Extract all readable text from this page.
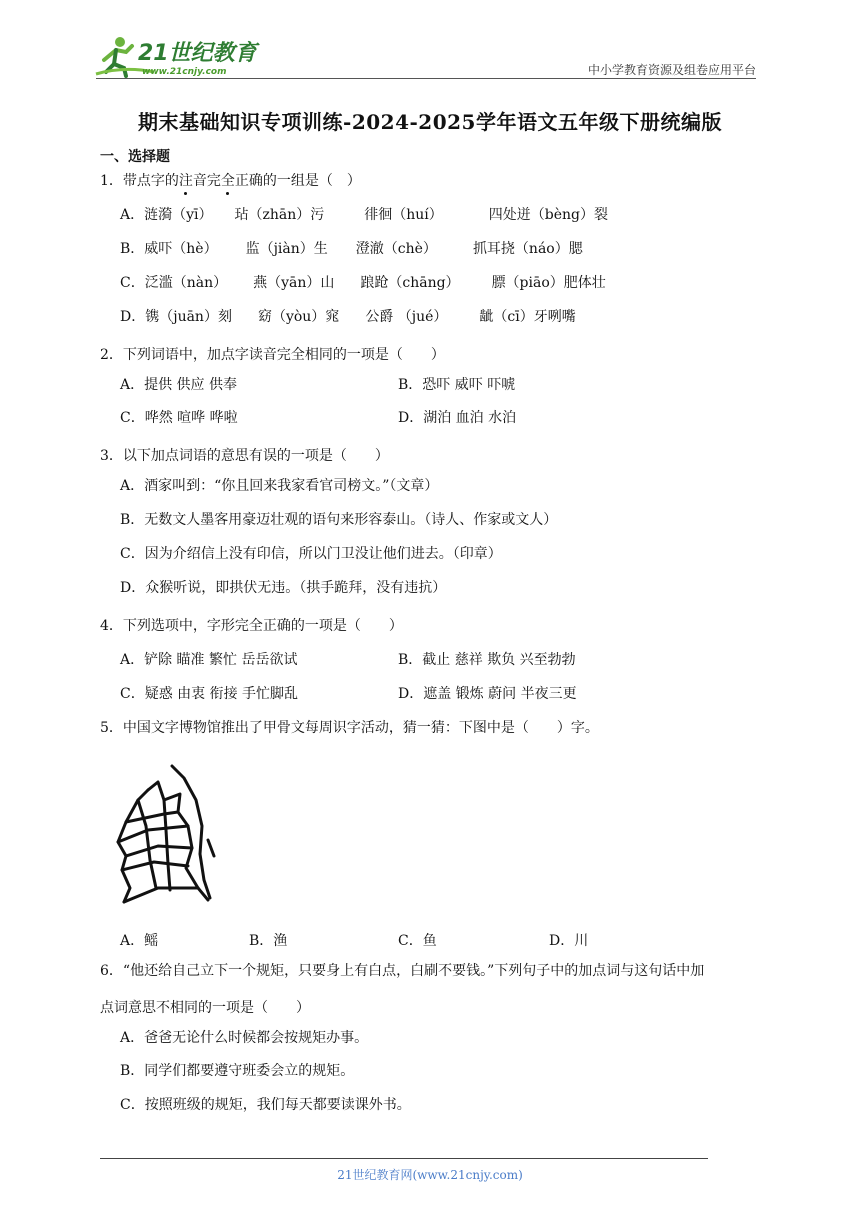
21世纪教育
www.21cnjy.com	中小学教育资源及组卷应用平台
期末基础知识专项训练-2024-2025学年语文五年级下册统编版
一、选择题
1．带点字的注音完全正确的一组是（　）
A．涟漪（yī） 玷（zhān）污	徘徊（huí）	四处迸（bèng）裂
B．威吓（hè） 监（jiàn）生 澄澈（chè）	抓耳挠（náo）腮
C．泛滥（nàn） 燕（yān）山 踉跄（chāng） 膘（piāo）肥体壮
D．镌（juān）刻 窈（yòu）窕 公爵 （jué） 龇（cī）牙咧嘴
2．下列词语中，加点字读音完全相同的一项是（　　）
A．提供 供应 供奉	B．恐吓 威吓 吓唬
C．哗然 喧哗 哗啦	D．湖泊 血泊 水泊
3．以下加点词语的意思有误的一项是（　　）
A．酒家叫到：“你且回来我家看官司榜文。”（文章）
B．无数文人墨客用豪迈壮观的语句来形容泰山。（诗人、作家或文人）
C．因为介绍信上没有印信，所以门卫没让他们进去。（印章）
D．众猴听说，即拱伏无违。（拱手跪拜，没有违抗）
4．下列选项中，字形完全正确的一项是（　　）
A．铲除 瞄准 繁忙 岳岳欲试	B．截止 慈祥 欺负 兴至勃勃
C．疑惑 由衷 衔接 手忙脚乱	D．遮盖 锻炼 蔚问 半夜三更
5．中国文字博物馆推出了甲骨文每周识字活动，猜一猜：下图中是（　　）字。
A．鳐	B．渔	C．鱼	D．川
6．“他还给自己立下一个规矩，只要身上有白点，白刷不要钱。”下列句子中的加点词与这句话中加
点词意思不相同的一项是（　　）
A．爸爸无论什么时候都会按规矩办事。
B．同学们都要遵守班委会立的规矩。
C．按照班级的规矩，我们每天都要读课外书。
21世纪教育网(www.21cnjy.com)
